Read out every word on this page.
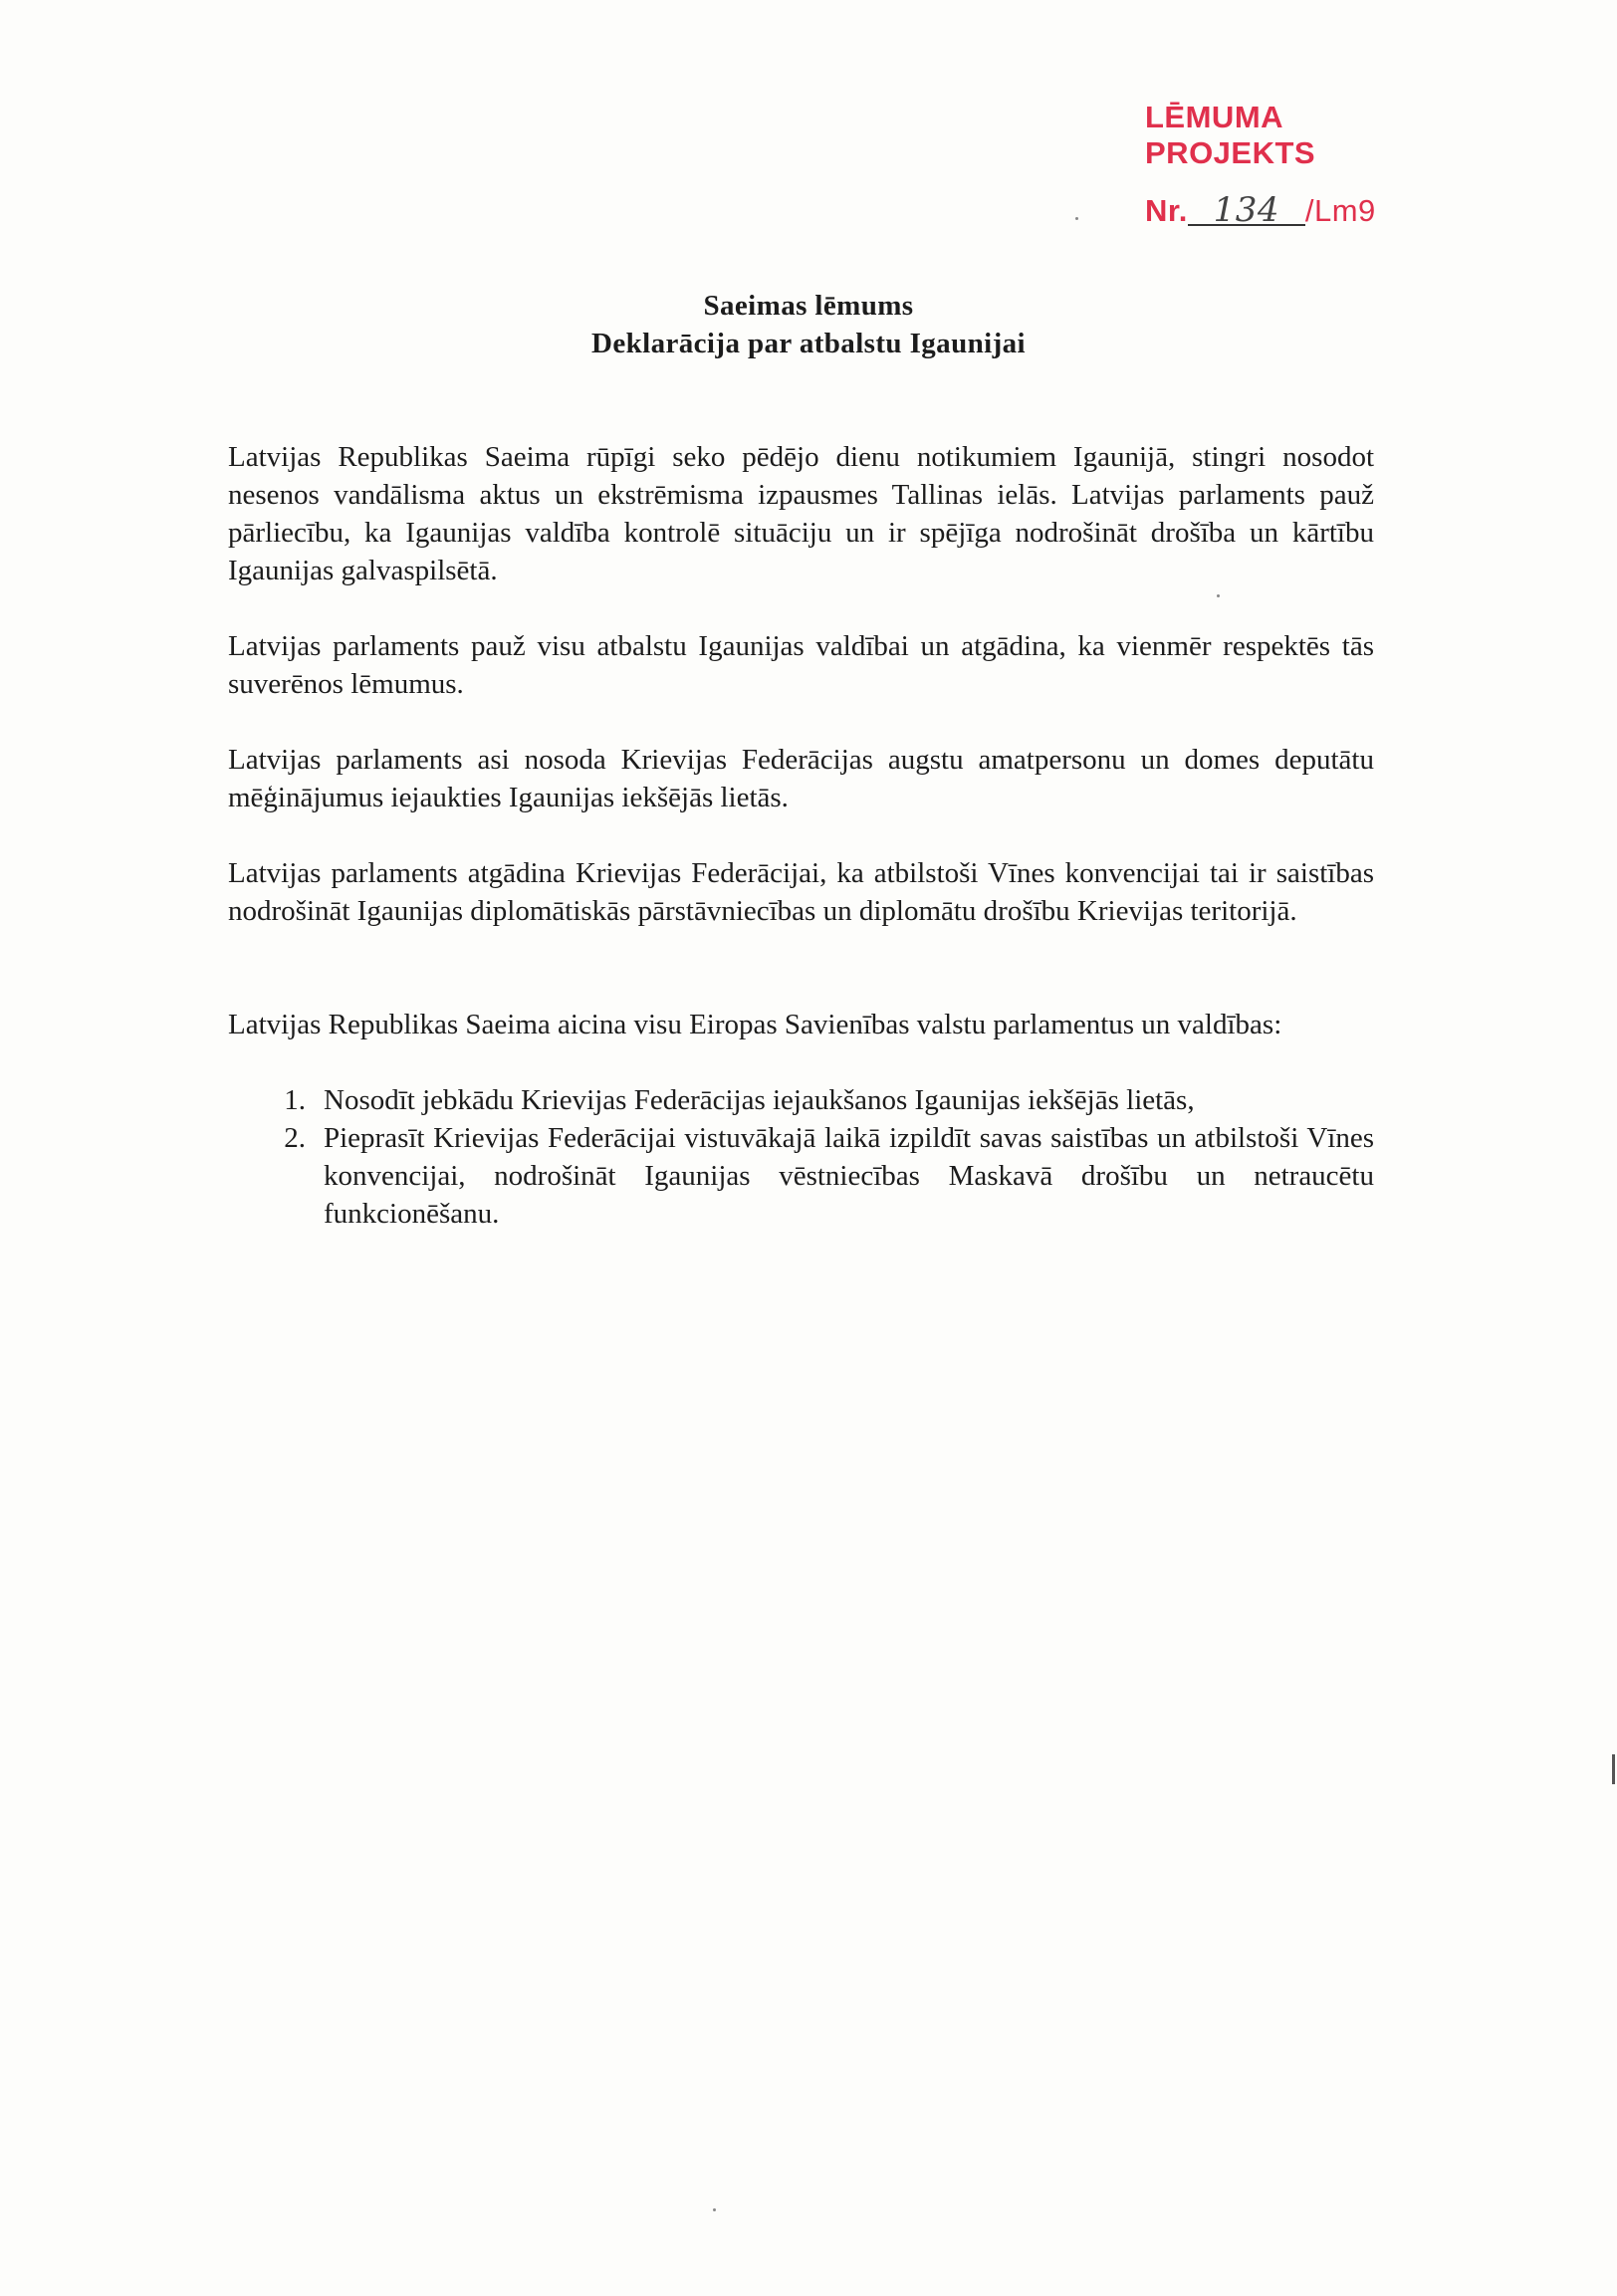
LĒMUMA PROJEKTS
Nr. 134 /Lm9
Saeimas lēmums
Deklarācija par atbalstu Igaunijai

Latvijas Republikas Saeima rūpīgi seko pēdējo dienu notikumiem Igaunijā, stingri nosodot nesenos vandālisma aktus un ekstrēmisma izpausmes Tallinas ielās. Latvijas parlaments pauž pārliecību, ka Igaunijas valdība kontrolē situāciju un ir spējīga nodrošināt drošība un kārtību Igaunijas galvaspilsētā.

Latvijas parlaments pauž visu atbalstu Igaunijas valdībai un atgādina, ka vienmēr respektēs tās suverēnos lēmumus.

Latvijas parlaments asi nosoda Krievijas Federācijas augstu amatpersonu un domes deputātu mēģinājumus iejaukties Igaunijas iekšējās lietās.

Latvijas parlaments atgādina Krievijas Federācijai, ka atbilstoši Vīnes konvencijai tai ir saistības nodrošināt Igaunijas diplomātiskās pārstāvniecības un diplomātu drošību Krievijas teritorijā.

Latvijas Republikas Saeima aicina visu Eiropas Savienības valstu parlamentus un valdības:

1. Nosodīt jebkādu Krievijas Federācijas iejaukšanos Igaunijas iekšējās lietās,
2. Pieprasīt Krievijas Federācijai vistuvākajā laikā izpildīt savas saistības un atbilstoši Vīnes konvencijai, nodrošināt Igaunijas vēstniecības Maskavā drošību un netraucētu funkcionēšanu.
